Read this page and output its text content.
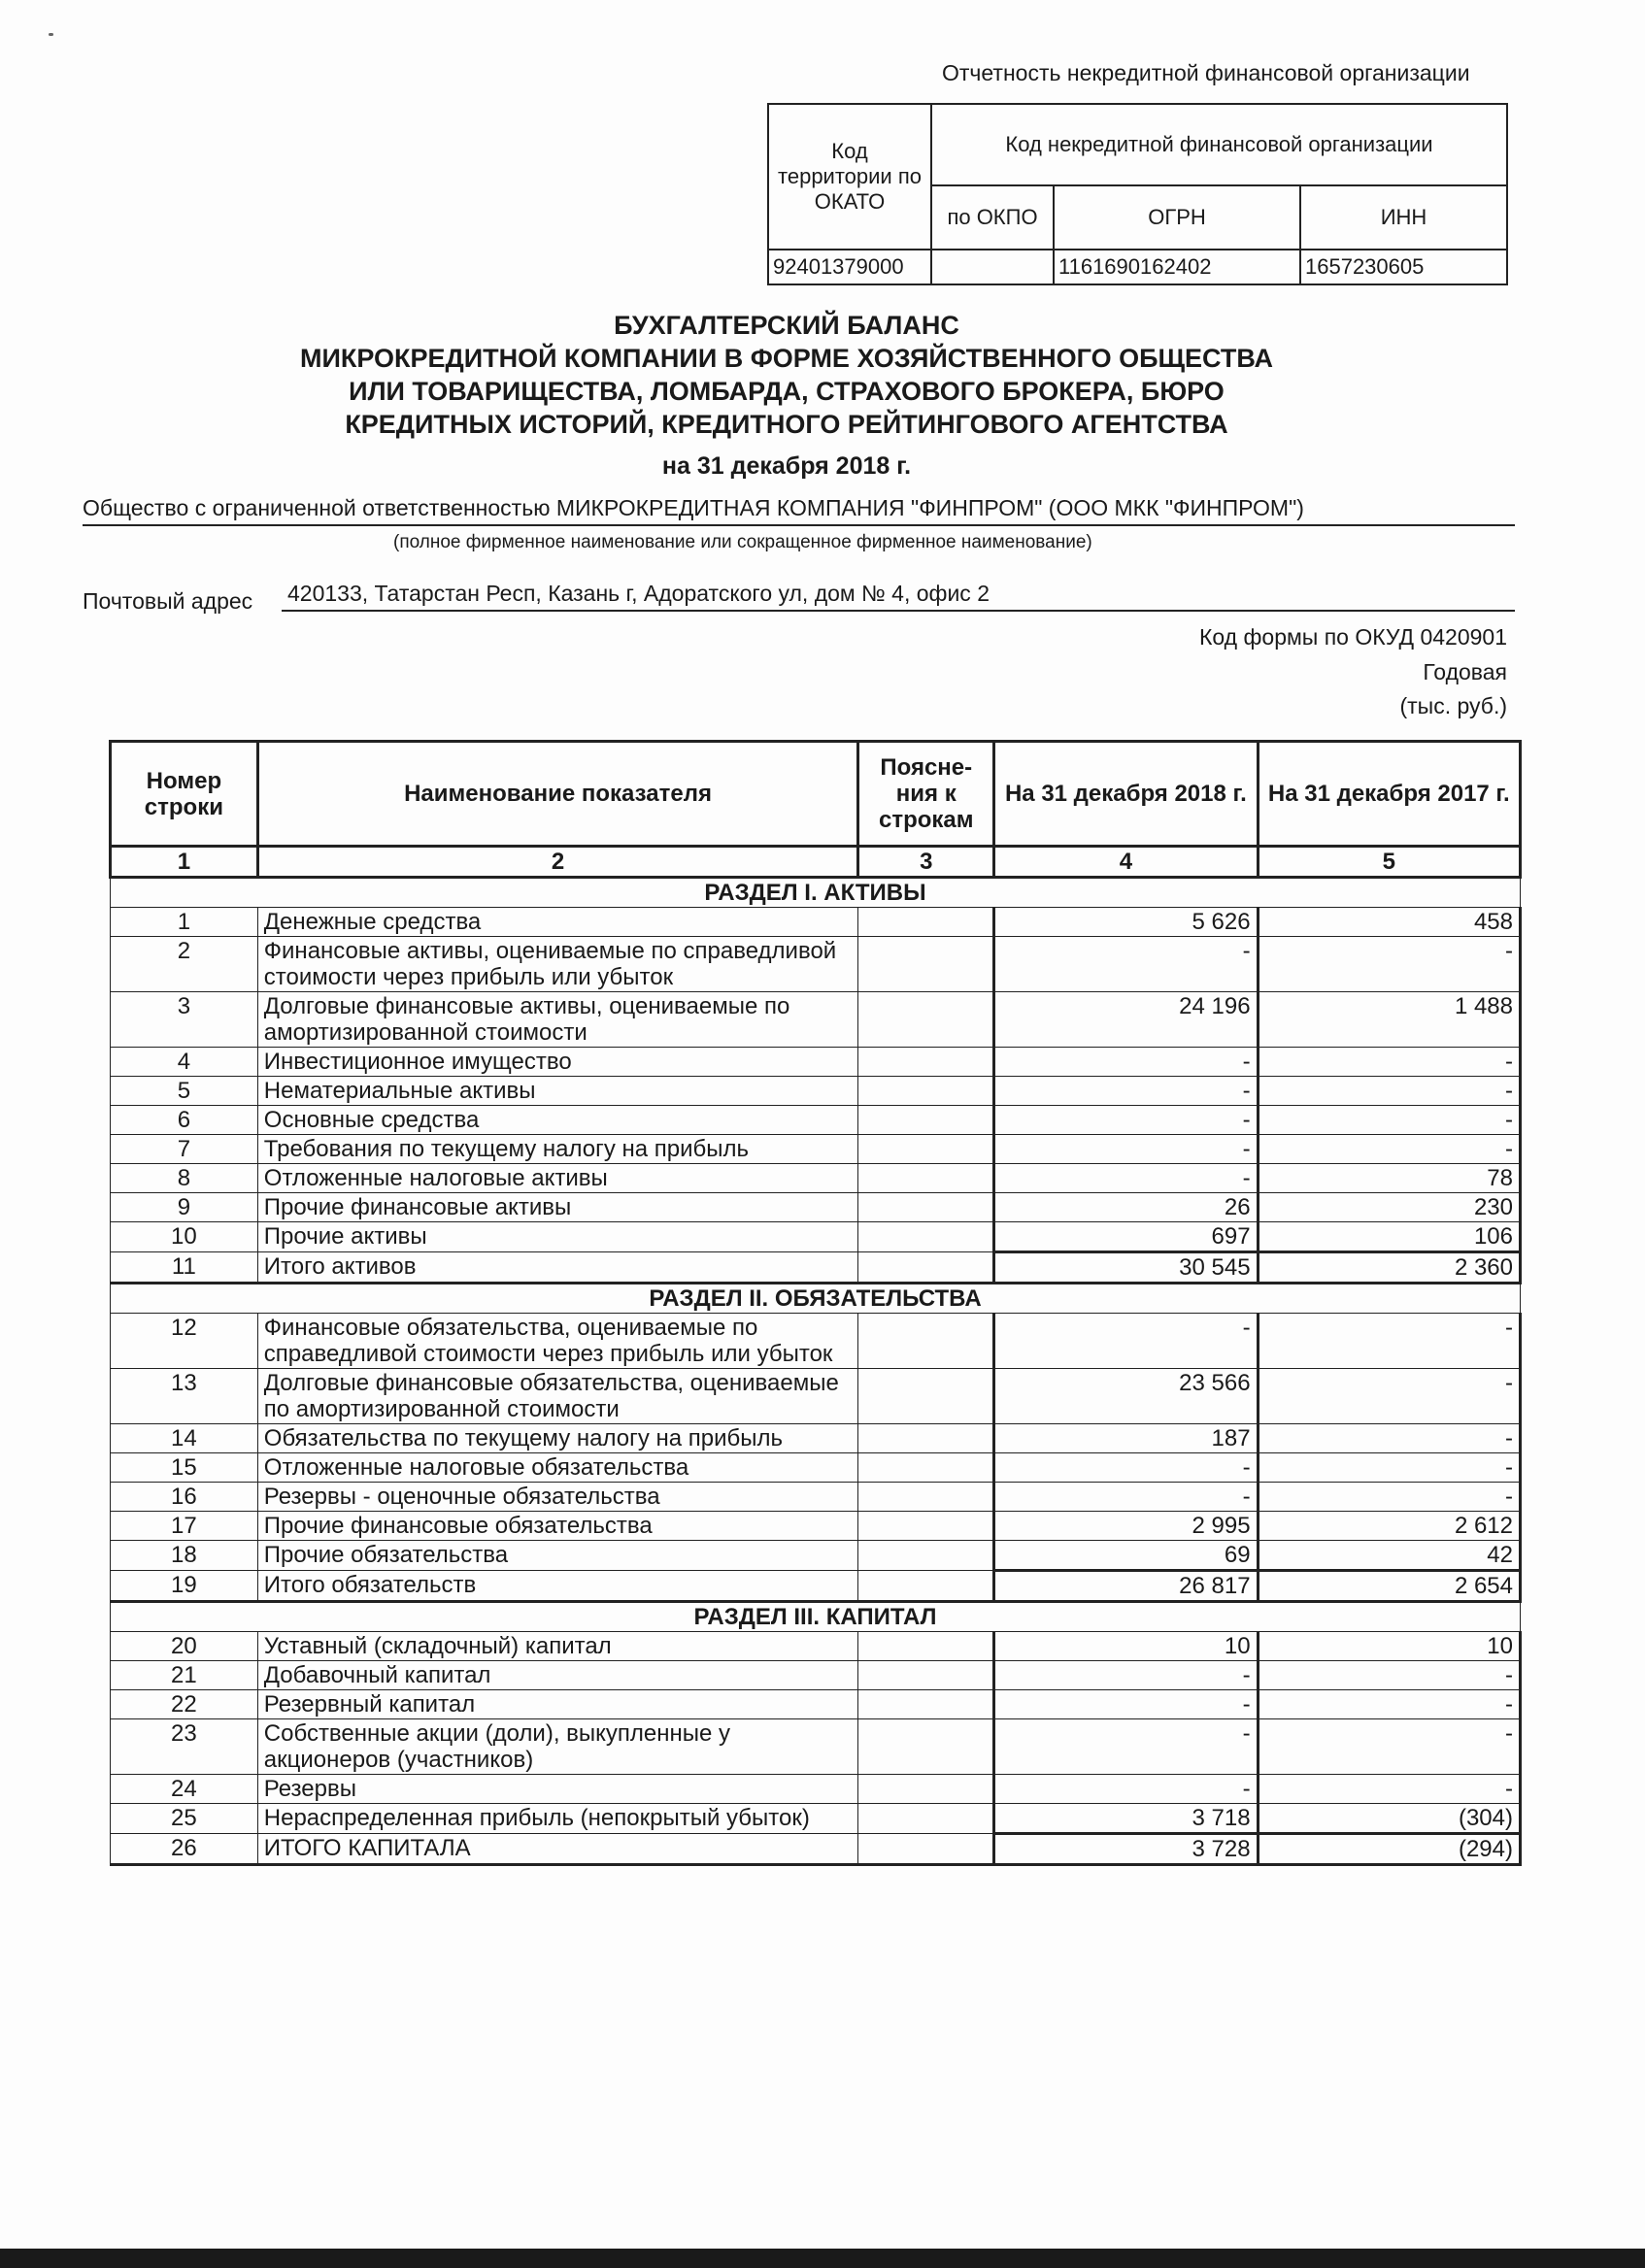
Отчетность некредитной финансовой организации
Код территории по ОКАТО	Код некредитной финансовой организации		
	по ОКПО	ОГРН	ИНН
92401379000		1161690162402	1657230605
БУХГАЛТЕРСКИЙ БАЛАНС
МИКРОКРЕДИТНОЙ КОМПАНИИ В ФОРМЕ ХОЗЯЙСТВЕННОГО ОБЩЕСТВА
ИЛИ ТОВАРИЩЕСТВА, ЛОМБАРДА, СТРАХОВОГО БРОКЕРА, БЮРО
КРЕДИТНЫХ ИСТОРИЙ, КРЕДИТНОГО РЕЙТИНГОВОГО АГЕНТСТВА
на 31 декабря 2018 г.
Общество с ограниченной ответственностью МИКРОКРЕДИТНАЯ КОМПАНИЯ "ФИНПРОМ" (ООО МКК "ФИНПРОМ")
(полное фирменное наименование или сокращенное фирменное наименование)
Почтовый адрес 420133, Татарстан Респ, Казань г, Адоратского ул, дом № 4, офис 2
Код формы по ОКУД 0420901
Годовая
(тыс. руб.)
Номер строки	Наименование показателя	Поясне-ния к строкам	На 31 декабря 2018 г.	На 31 декабря 2017 г.
1	2	3	4	5
РАЗДЕЛ I. АКТИВЫ				
1	Денежные средства		5 626	458
2	Финансовые активы, оцениваемые по справедливой стоимости через прибыль или убыток		-	-
3	Долговые финансовые активы, оцениваемые по амортизированной стоимости		24 196	1 488
4	Инвестиционное имущество		-	-
5	Нематериальные активы		-	-
6	Основные средства		-	-
7	Требования по текущему налогу на прибыль		-	-
8	Отложенные налоговые активы		-	78
9	Прочие финансовые активы		26	230
10	Прочие активы		697	106
11	Итого активов		30 545	2 360
РАЗДЕЛ II. ОБЯЗАТЕЛЬСТВА				
12	Финансовые обязательства, оцениваемые по справедливой стоимости через прибыль или убыток		-	-
13	Долговые финансовые обязательства, оцениваемые по амортизированной стоимости		23 566	-
14	Обязательства по текущему налогу на прибыль		187	-
15	Отложенные налоговые обязательства		-	-
16	Резервы - оценочные обязательства		-	-
17	Прочие финансовые обязательства		2 995	2 612
18	Прочие обязательства		69	42
19	Итого обязательств		26 817	2 654
РАЗДЕЛ III. КАПИТАЛ				
20	Уставный (складочный) капитал		10	10
21	Добавочный капитал		-	-
22	Резервный капитал		-	-
23	Собственные акции (доли), выкупленные у акционеров (участников)		-	-
24	Резервы		-	-
25	Нераспределенная прибыль (непокрытый убыток)		3 718	(304)
26	ИТОГО КАПИТАЛА		3 728	(294)
